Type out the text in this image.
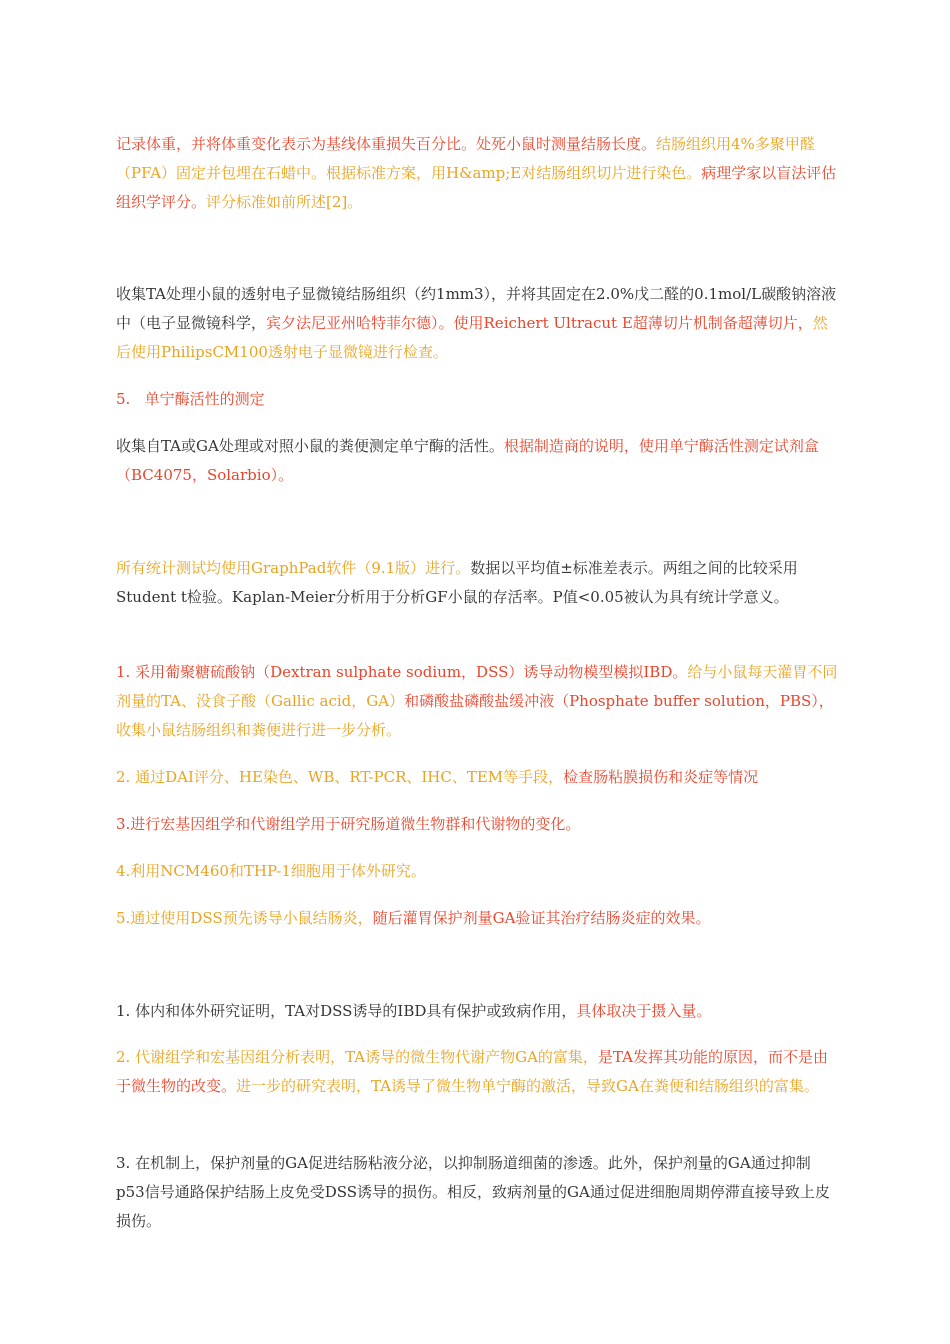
记录体重，并将体重变化表示为基线体重损失百分比。处死小鼠时测量结肠长度。结肠组织用4%多聚甲醛（PFA）固定并包埋在石蜡中。根据标准方案，用H&amp;E对结肠组织切片进行染色。病理学家以盲法评估组织学评分。评分标准如前所述[2]。

收集TA处理小鼠的透射电子显微镜结肠组织（约1mm3），并将其固定在2.0%戊二醛的0.1mol/L碳酸钠溶液中（电子显微镜科学，宾夕法尼亚州哈特菲尔德）。使用Reichert Ultracut E超薄切片机制备超薄切片，然后使用PhilipsCM100透射电子显微镜进行检查。

5.   单宁酶活性的测定

收集自TA或GA处理或对照小鼠的粪便测定单宁酶的活性。根据制造商的说明，使用单宁酶活性测定试剂盒（BC4075，Solarbio）。

所有统计测试均使用GraphPad软件（9.1版）进行。数据以平均值±标准差表示。两组之间的比较采用Student t检验。Kaplan-Meier分析用于分析GF小鼠的存活率。P值<0.05被认为具有统计学意义。

1. 采用葡聚糖硫酸钠（Dextran sulphate sodium，DSS）诱导动物模型模拟IBD。给与小鼠每天灌胃不同剂量的TA、没食子酸（Gallic acid，GA）和磷酸盐磷酸盐缓冲液（Phosphate buffer solution，PBS），收集小鼠结肠组织和粪便进行进一步分析。

2. 通过DAI评分、HE染色、WB、RT-PCR、IHC、TEM等手段，检查肠粘膜损伤和炎症等情况

3.进行宏基因组学和代谢组学用于研究肠道微生物群和代谢物的变化。

4.利用NCM460和THP-1细胞用于体外研究。

5.通过使用DSS预先诱导小鼠结肠炎，随后灌胃保护剂量GA验证其治疗结肠炎症的效果。

1. 体内和体外研究证明，TA对DSS诱导的IBD具有保护或致病作用，具体取决于摄入量。

2. 代谢组学和宏基因组分析表明，TA诱导的微生物代谢产物GA的富集，是TA发挥其功能的原因，而不是由于微生物的改变。进一步的研究表明，TA诱导了微生物单宁酶的激活，导致GA在粪便和结肠组织的富集。

3. 在机制上，保护剂量的GA促进结肠粘液分泌，以抑制肠道细菌的渗透。此外，保护剂量的GA通过抑制p53信号通路保护结肠上皮免受DSS诱导的损伤。相反，致病剂量的GA通过促进细胞周期停滞直接导致上皮损伤。
